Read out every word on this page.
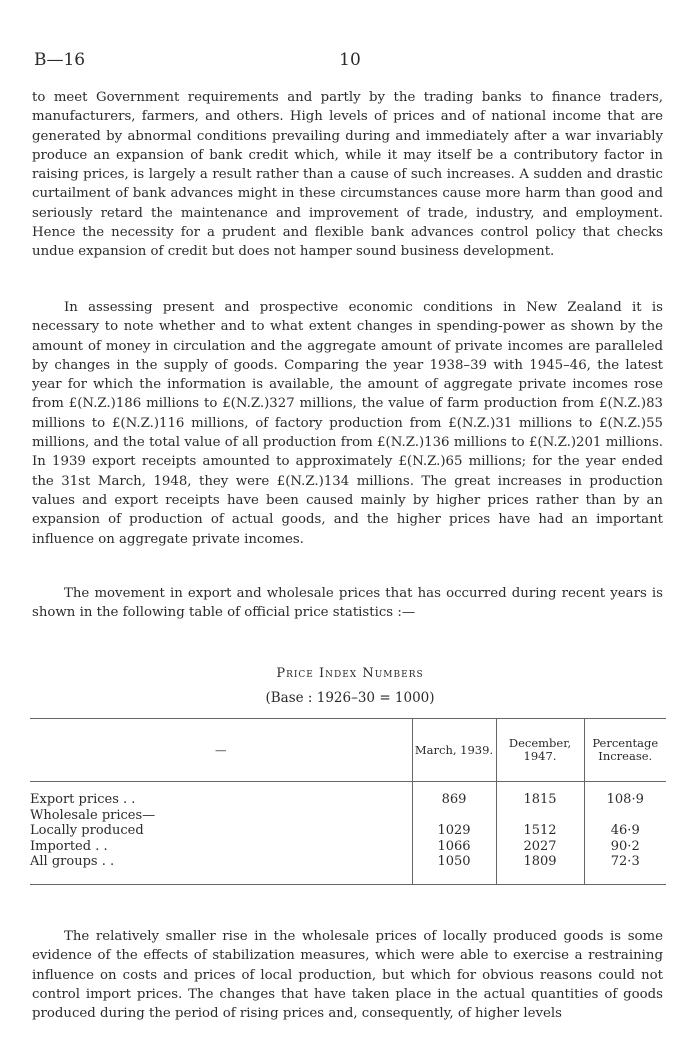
B—16	10

to meet Government requirements and partly by the trading banks to finance traders, manufacturers, farmers, and others. High levels of prices and of national income that are generated by abnormal conditions prevailing during and immediately after a war invariably produce an expansion of bank credit which, while it may itself be a contributory factor in raising prices, is largely a result rather than a cause of such increases. A sudden and drastic curtailment of bank advances might in these circumstances cause more harm than good and seriously retard the maintenance and improvement of trade, industry, and employment. Hence the necessity for a prudent and flexible bank advances control policy that checks undue expansion of credit but does not hamper sound business development.

In assessing present and prospective economic conditions in New Zealand it is necessary to note whether and to what extent changes in spending-power as shown by the amount of money in circulation and the aggregate amount of private incomes are paralleled by changes in the supply of goods. Comparing the year 1938–39 with 1945–46, the latest year for which the information is available, the amount of aggregate private incomes rose from £(N.Z.)186 millions to £(N.Z.)327 millions, the value of farm production from £(N.Z.)83 millions to £(N.Z.)116 millions, of factory production from £(N.Z.)31 millions to £(N.Z.)55 millions, and the total value of all production from £(N.Z.)136 millions to £(N.Z.)201 millions. In 1939 export receipts amounted to approximately £(N.Z.)65 millions; for the year ended the 31st March, 1948, they were £(N.Z.)134 millions. The great increases in production values and export receipts have been caused mainly by higher prices rather than by an expansion of production of actual goods, and the higher prices have had an important influence on aggregate private incomes.

The movement in export and wholesale prices that has occurred during recent years is shown in the following table of official price statistics :—

Price Index Numbers
(Base : 1926–30 = 1000)
—	March, 1939.	December, 1947.	Percentage Increase.

Export prices . .	869	1815	108·9
Wholesale prices—			
Locally produced	1029	1512	46·9
Imported . .	1066	2027	90·2
All groups . .	1050	1809	72·3

The relatively smaller rise in the wholesale prices of locally produced goods is some evidence of the effects of stabilization measures, which were able to exercise a restraining influence on costs and prices of local production, but which for obvious reasons could not control import prices. The changes that have taken place in the actual quantities of goods produced during the period of rising prices and, consequently, of higher levels
